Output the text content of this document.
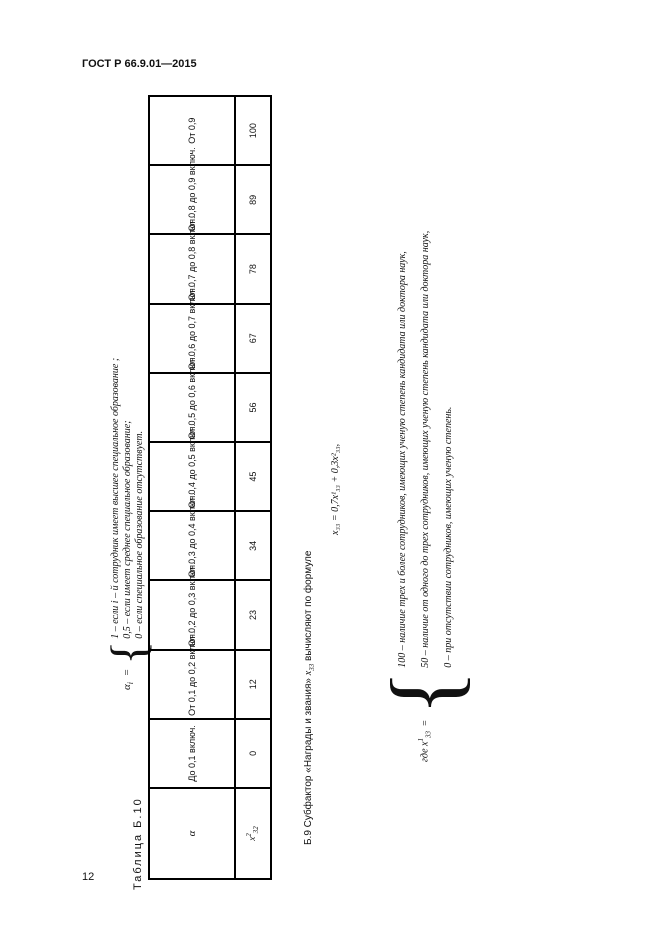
ГОСТ Р 66.9.01—2015
$\alpha_i$ =
{
1 – если i – й сотрудник имеет высшее специальное образование ; 0,5 – если имеет среднее специальное образование; 0 – если специальное образование отсутствует.
Таблица Б.10	α	До 0,1 включ.	От 0,1 до 0,2 включ.	От 0,2 до 0,3 включ.	От 0,3 до 0,4 включ.	От 0,4 до 0,5 включ.	От 0,5 до 0,6 включ.	От 0,6 до 0,7 включ.	От 0,7 до 0,8 включ.	От 0,8 до 0,9 включ.	От 0,9
$x^2_{32}$	0	12	23	34	45	56	67	78	89	100
Б.9 Субфактор «Награды и звания» $x_{33}$ вычисляют по формуле
x₃₃ = 0,7x¹₃₃ + 0,3x²₃₃,
где $x^1_{33}$ =
{
100 – наличие трех и более сотрудников, имеющих ученую степень кандидата или доктора наук,	50 – наличие от одного до трех сотрудников, имеющих ученую степень кандидата или доктора наук,	0 – при отсутствии сотрудников, имеющих ученую степень.
12
